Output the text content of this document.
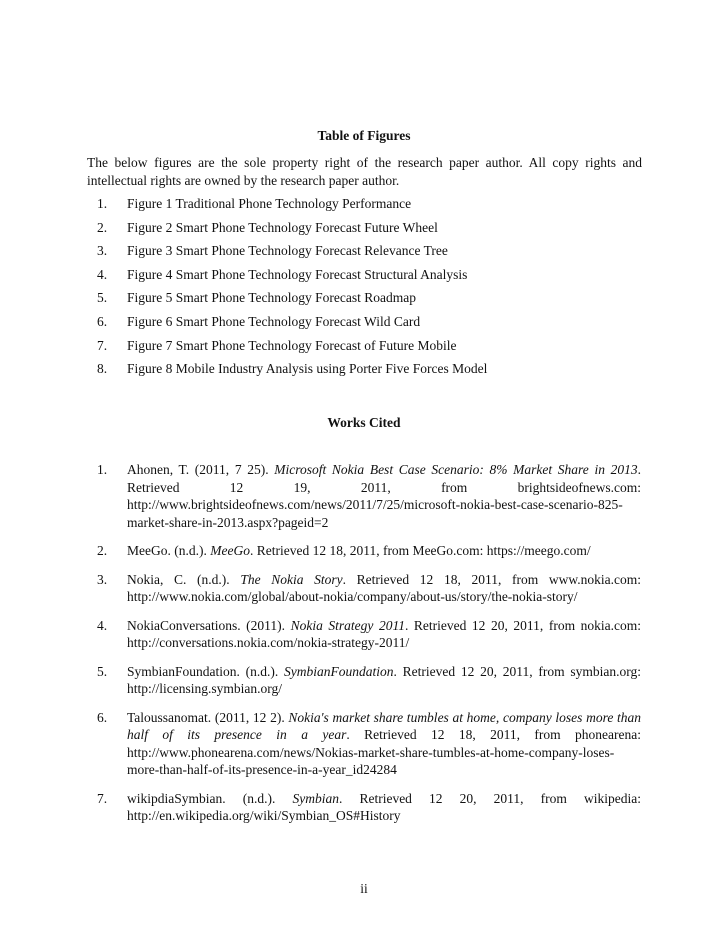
Table of Figures

The below figures are the sole property right of the research paper author. All copy rights and intellectual rights are owned by the research paper author.

1.	Figure 1 Traditional Phone Technology Performance
2.	Figure 2 Smart Phone Technology Forecast Future Wheel
3.	Figure 3 Smart Phone Technology Forecast Relevance Tree
4.	Figure 4 Smart Phone Technology Forecast Structural Analysis
5.	Figure 5 Smart Phone Technology Forecast Roadmap
6.	Figure 6 Smart Phone Technology Forecast Wild Card
7.	Figure 7 Smart Phone Technology Forecast of Future Mobile
8.	Figure 8 Mobile Industry Analysis using Porter Five Forces Model
Works Cited
1.	Ahonen, T. (2011, 7 25). Microsoft Nokia Best Case Scenario: 8% Market Share in 2013. Retrieved 12 19, 2011, from brightsideofnews.com: http://www.brightsideofnews.com/news/2011/7/25/microsoft-nokia-best-case-scenario-825-market-share-in-2013.aspx?pageid=2
2.	MeeGo. (n.d.). MeeGo. Retrieved 12 18, 2011, from MeeGo.com: https://meego.com/
3.	Nokia, C. (n.d.). The Nokia Story. Retrieved 12 18, 2011, from www.nokia.com: http://www.nokia.com/global/about-nokia/company/about-us/story/the-nokia-story/
4.	NokiaConversations. (2011). Nokia Strategy 2011. Retrieved 12 20, 2011, from nokia.com: http://conversations.nokia.com/nokia-strategy-2011/
5.	SymbianFoundation. (n.d.). SymbianFoundation. Retrieved 12 20, 2011, from symbian.org: http://licensing.symbian.org/
6.	Taloussanomat. (2011, 12 2). Nokia's market share tumbles at home, company loses more than half of its presence in a year. Retrieved 12 18, 2011, from phonearena: http://www.phonearena.com/news/Nokias-market-share-tumbles-at-home-company-loses-more-than-half-of-its-presence-in-a-year_id24284
7.	wikipdiaSymbian. (n.d.). Symbian. Retrieved 12 20, 2011, from wikipedia: http://en.wikipedia.org/wiki/Symbian_OS#History
ii
